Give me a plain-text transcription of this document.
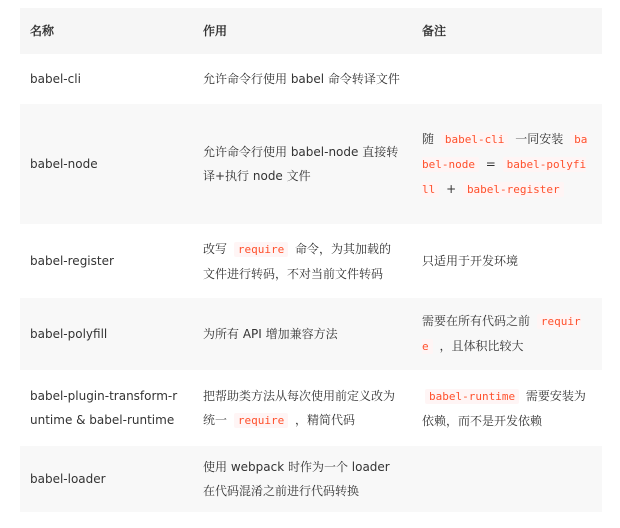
名称	作用	备注
babel-cli	允许命令行使用 babel 命令转译文件	
babel-node	允许命令行使用 babel-node 直接转译+执行 node 文件	随 babel-cli 一同安装 babel-node = babel-polyfill + babel-register
babel-register	改写 require 命令，为其加载的文件进行转码，不对当前文件转码	只适用于开发环境
babel-polyfill	为所有 API 增加兼容方法	需要在所有代码之前 require ，且体积比较大
babel-plugin-transform-runtime & babel-runtime	把帮助类方法从每次使用前定义改为统一 require ，精简代码	babel-runtime 需要安装为依赖，而不是开发依赖
babel-loader	使用 webpack 时作为一个 loader 在代码混淆之前进行代码转换	
